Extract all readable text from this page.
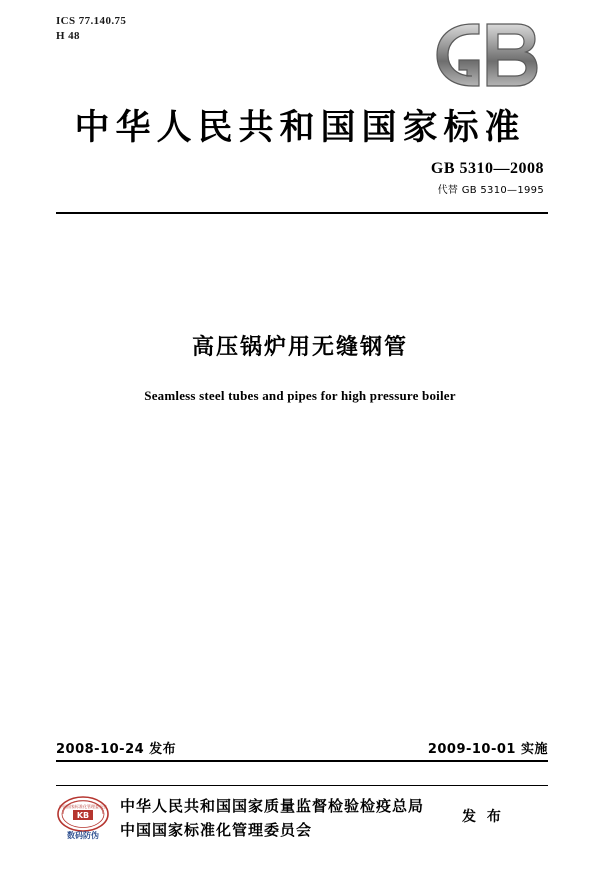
ICS 77.140.75
H 48
中华人民共和国国家标准
GB 5310—2008
代替 GB 5310—1995
高压锅炉用无缝钢管
Seamless steel tubes and pipes for high pressure boiler
2008-10-24 发布	2009-10-01 实施
中国国家标准化管理委员会
KB
数码防伪
中华人民共和国国家质量监督检验检疫总局
中国国家标准化管理委员会
发 布
